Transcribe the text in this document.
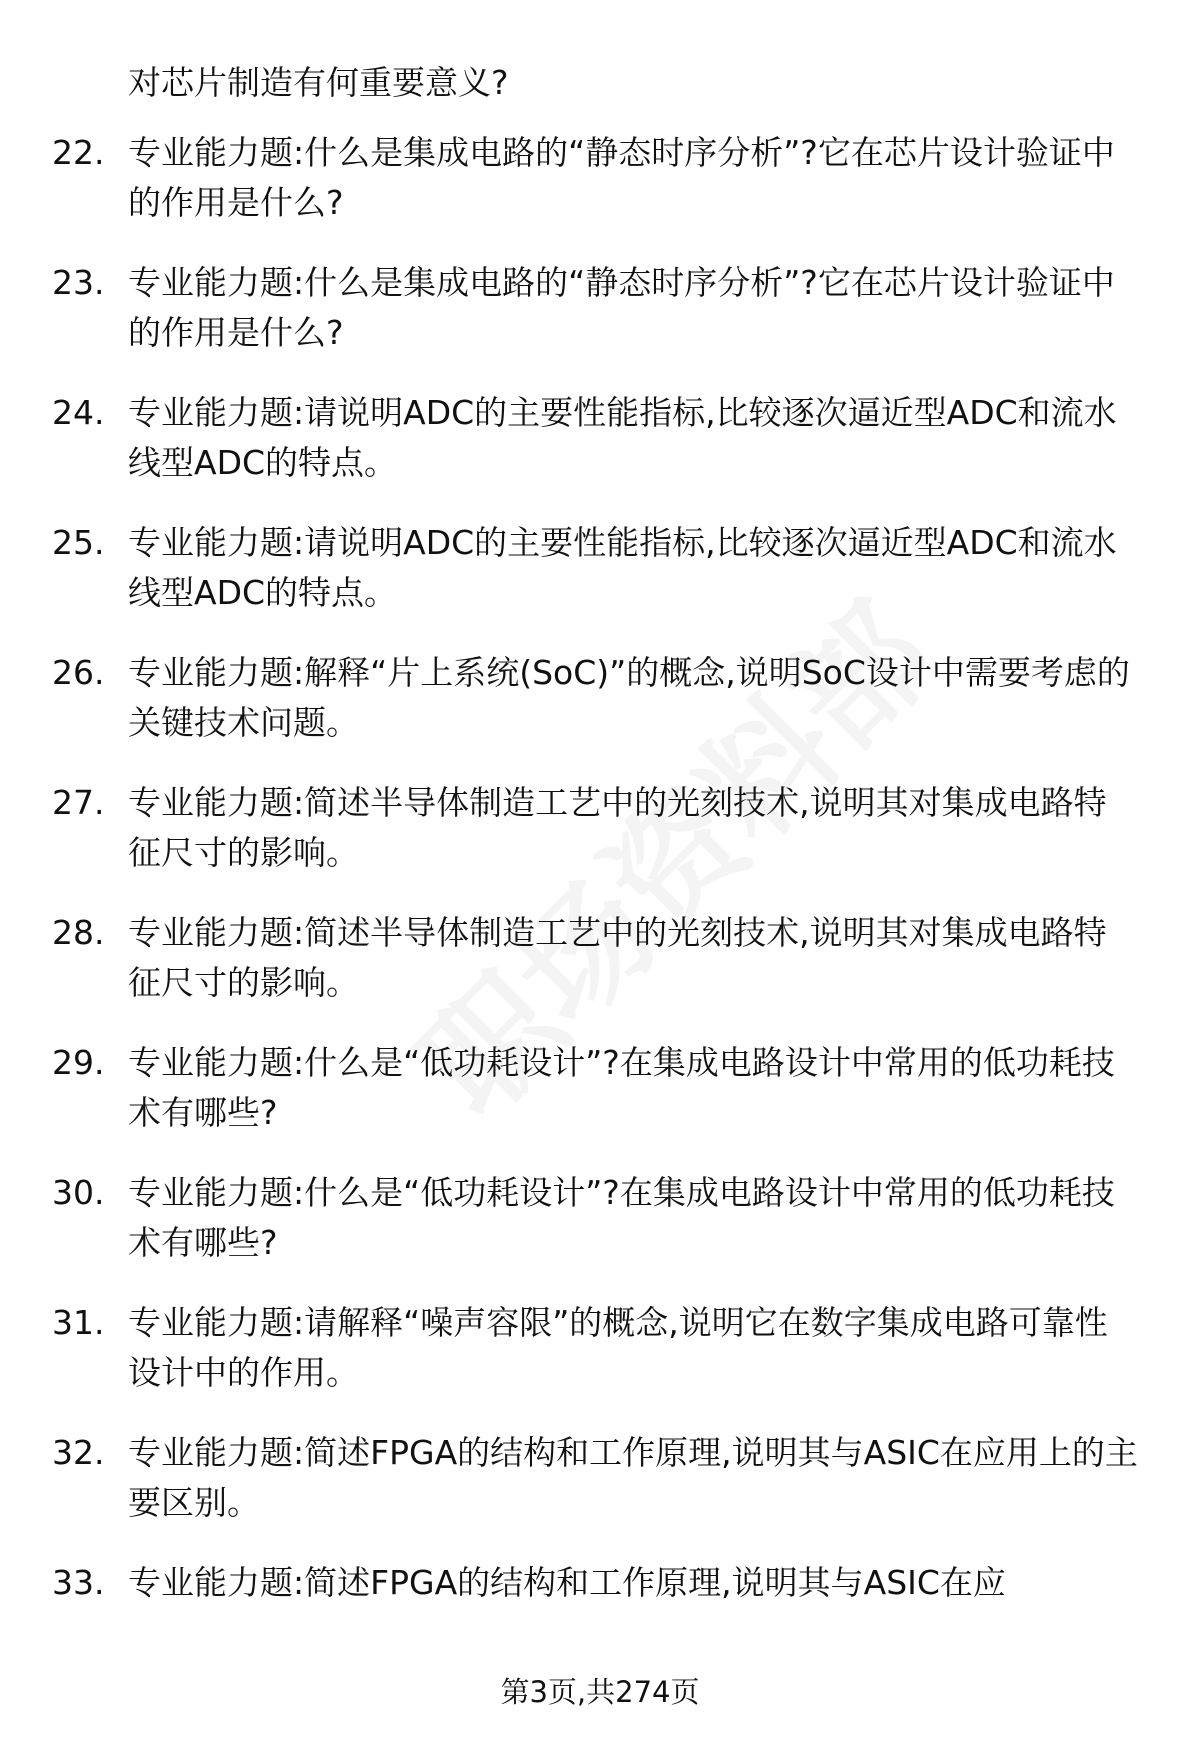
对芯片制造有何重要意义?

22. 专业能力题:什么是集成电路的“静态时序分析”?它在芯片设计验证中的作用是什么?
23. 专业能力题:什么是集成电路的“静态时序分析”?它在芯片设计验证中的作用是什么?
24. 专业能力题:请说明ADC的主要性能指标,比较逐次逼近型ADC和流水线型ADC的特点。
25. 专业能力题:请说明ADC的主要性能指标,比较逐次逼近型ADC和流水线型ADC的特点。
26. 专业能力题:解释“片上系统(SoC)”的概念,说明SoC设计中需要考虑的关键技术问题。
27. 专业能力题:简述半导体制造工艺中的光刻技术,说明其对集成电路特征尺寸的影响。
28. 专业能力题:简述半导体制造工艺中的光刻技术,说明其对集成电路特征尺寸的影响。
29. 专业能力题:什么是“低功耗设计”?在集成电路设计中常用的低功耗技术有哪些?
30. 专业能力题:什么是“低功耗设计”?在集成电路设计中常用的低功耗技术有哪些?
31. 专业能力题:请解释“噪声容限”的概念,说明它在数字集成电路可靠性设计中的作用。
32. 专业能力题:简述FPGA的结构和工作原理,说明其与ASIC在应用上的主要区别。
33. 专业能力题:简述FPGA的结构和工作原理,说明其与ASIC在应
第3页,共274页
